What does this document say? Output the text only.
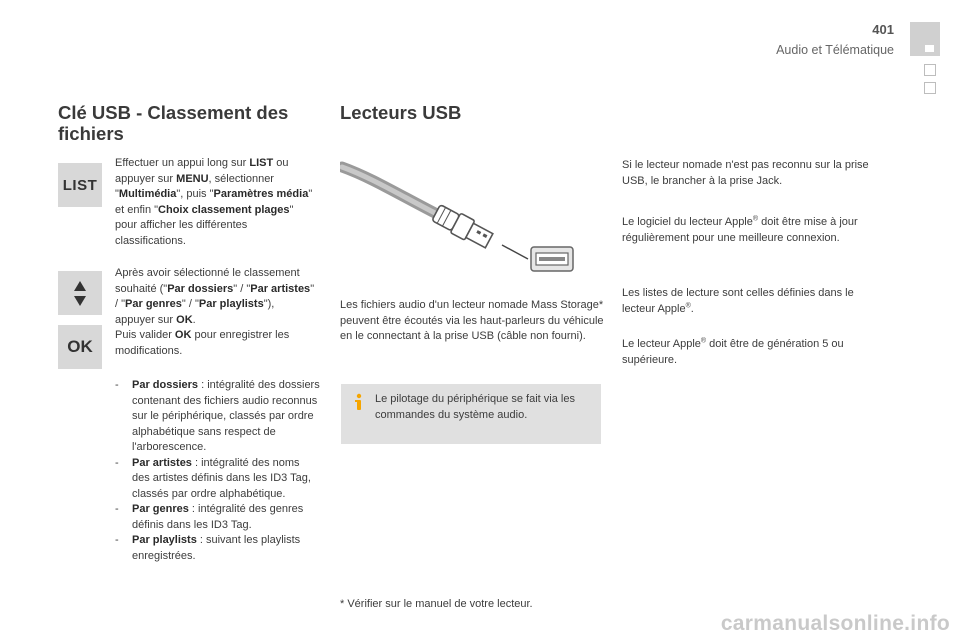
401
Audio et Télématique
Clé USB - Classement des fichiers
LIST
OK

Effectuer un appui long sur LIST ou appuyer sur MENU, sélectionner "Multimédia", puis "Paramètres média" et enfin "Choix classement plages" pour afficher les différentes classifications.

Après avoir sélectionné le classement souhaité ("Par dossiers" / "Par artistes" / "Par genres" / "Par playlists"), appuyer sur OK.
Puis valider OK pour enregistrer les modifications.

- Par dossiers : intégralité des dossiers contenant des fichiers audio reconnus sur le périphérique, classés par ordre alphabétique sans respect de l'arborescence.
- Par artistes : intégralité des noms des artistes définis dans les ID3 Tag, classés par ordre alphabétique.
- Par genres : intégralité des genres définis dans les ID3 Tag.
- Par playlists : suivant les playlists enregistrées.
Lecteurs USB
Les fichiers audio d'un lecteur nomade Mass Storage* peuvent être écoutés via les haut-parleurs du véhicule en le connectant à la prise USB (câble non fourni).
Le pilotage du périphérique se fait via les commandes du système audio.
* Vérifier sur le manuel de votre lecteur.
Si le lecteur nomade n'est pas reconnu sur la prise USB, le brancher à la prise Jack.
Le logiciel du lecteur Apple® doit être mise à jour régulièrement pour une meilleure connexion.
Les listes de lecture sont celles définies dans le lecteur Apple®.
Le lecteur Apple® doit être de génération 5 ou supérieure.
carmanualsonline.info
